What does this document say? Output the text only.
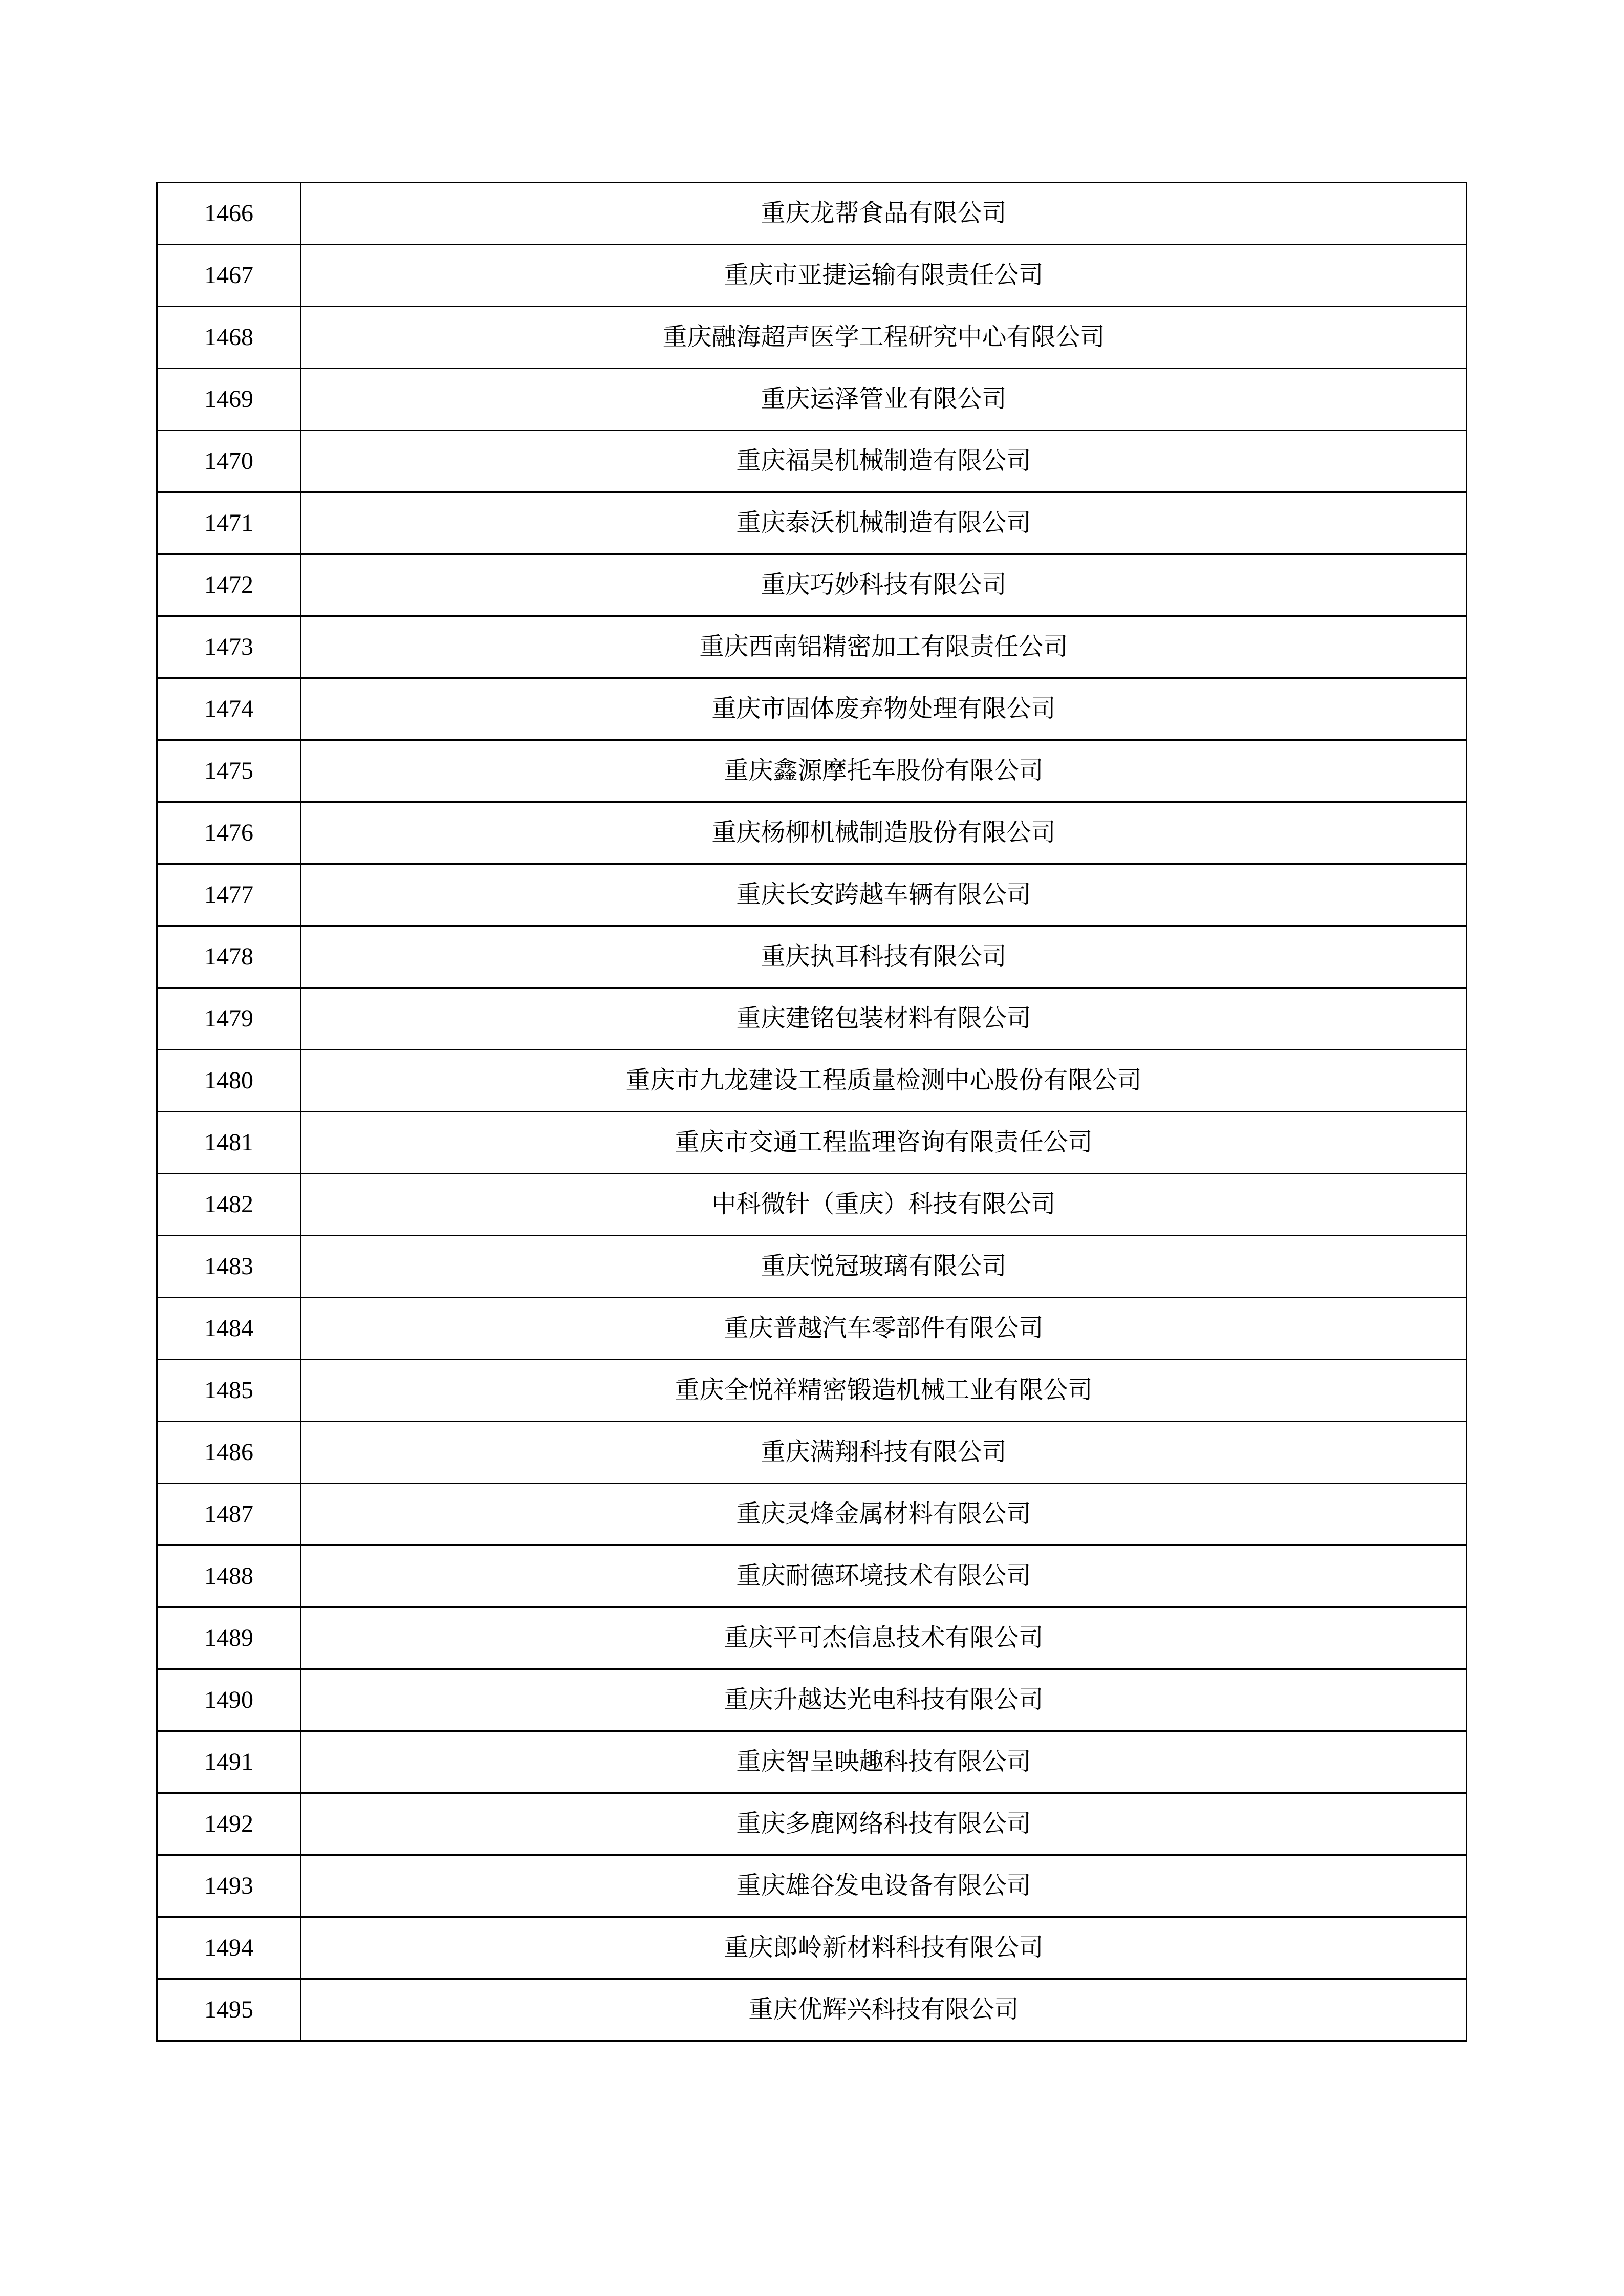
1466	重庆龙帮食品有限公司
1467	重庆市亚捷运输有限责任公司
1468	重庆融海超声医学工程研究中心有限公司
1469	重庆运泽管业有限公司
1470	重庆福昊机械制造有限公司
1471	重庆泰沃机械制造有限公司
1472	重庆巧妙科技有限公司
1473	重庆西南铝精密加工有限责任公司
1474	重庆市固体废弃物处理有限公司
1475	重庆鑫源摩托车股份有限公司
1476	重庆杨柳机械制造股份有限公司
1477	重庆长安跨越车辆有限公司
1478	重庆执耳科技有限公司
1479	重庆建铭包装材料有限公司
1480	重庆市九龙建设工程质量检测中心股份有限公司
1481	重庆市交通工程监理咨询有限责任公司
1482	中科微针（重庆）科技有限公司
1483	重庆悦冠玻璃有限公司
1484	重庆普越汽车零部件有限公司
1485	重庆全悦祥精密锻造机械工业有限公司
1486	重庆满翔科技有限公司
1487	重庆灵烽金属材料有限公司
1488	重庆耐德环境技术有限公司
1489	重庆平可杰信息技术有限公司
1490	重庆升越达光电科技有限公司
1491	重庆智呈映趣科技有限公司
1492	重庆多鹿网络科技有限公司
1493	重庆雄谷发电设备有限公司
1494	重庆郎岭新材料科技有限公司
1495	重庆优辉兴科技有限公司
